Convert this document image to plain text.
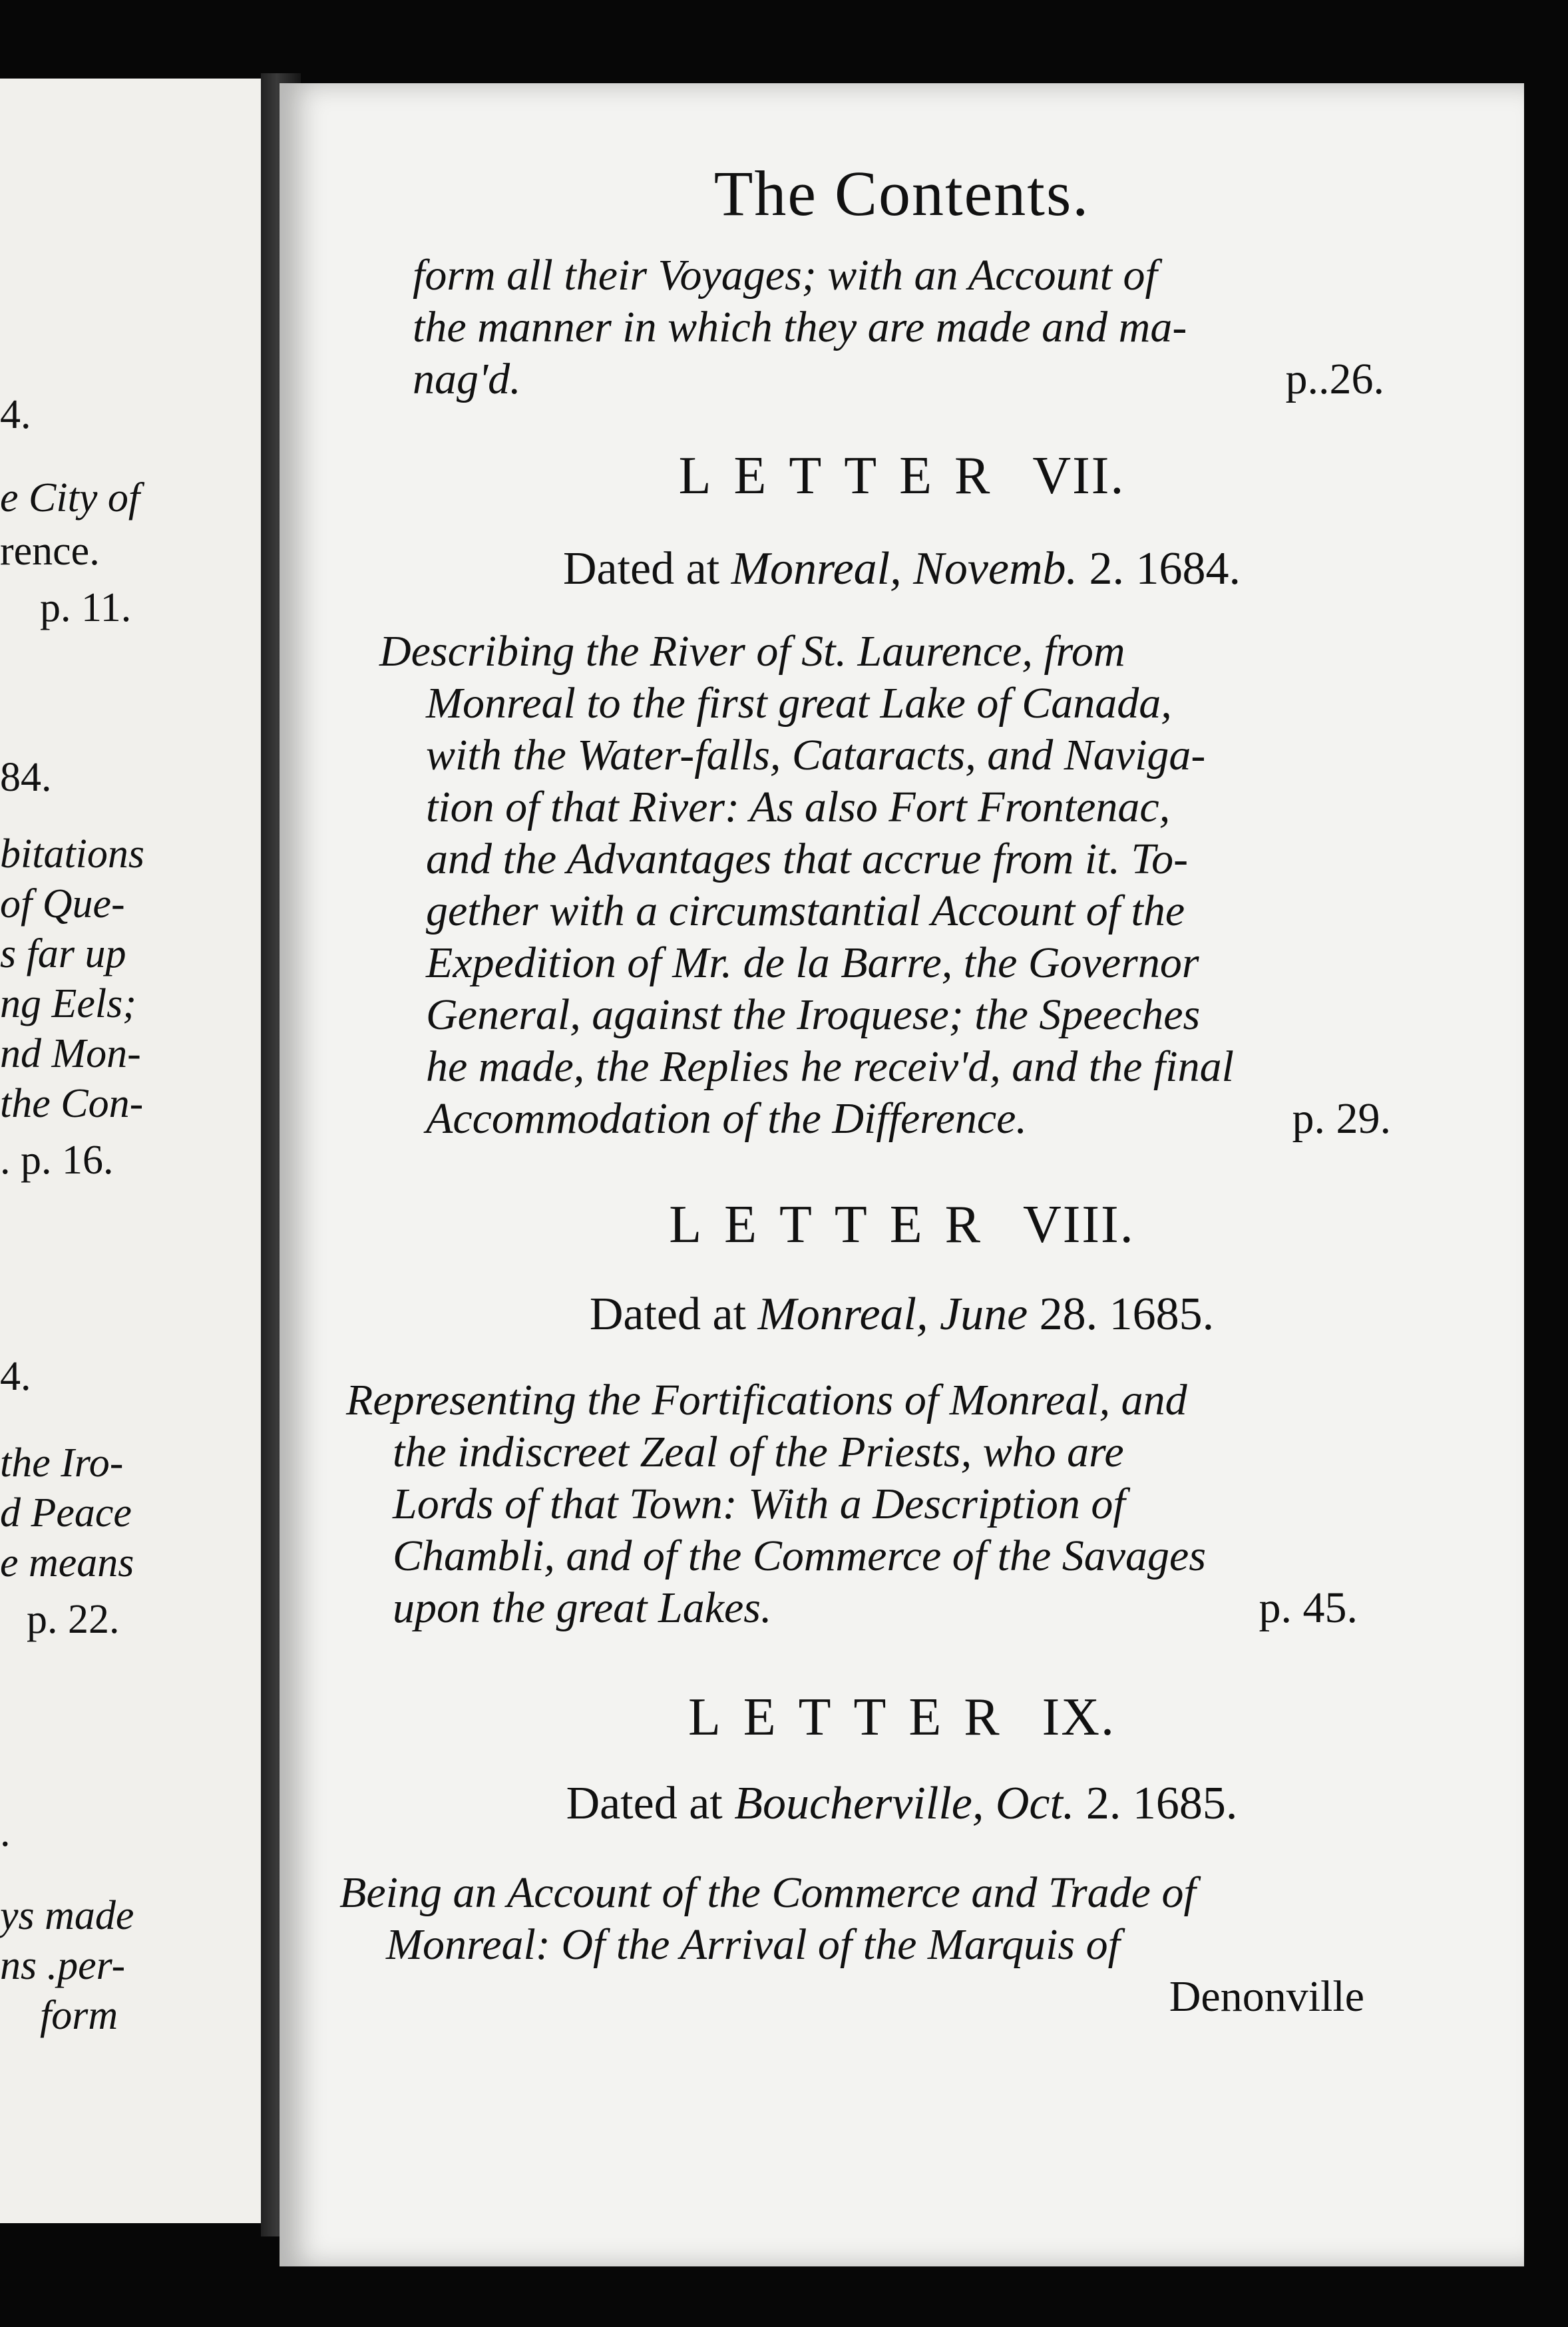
4.
e City of
rence.
p. 11.
84.
bitations
of Que-
s far up
ng Eels;
nd Mon-
the Con-
. p. 16.
4.
the Iro-
d Peace
e means
p. 22.
.
ys made
ns .per-
form
The Contents.
form all their Voyages; with an Account of
the manner in which they are made and ma-
nag'd.	p..26.
LETTER VII.
Dated at Monreal, Novemb. 2. 1684.
Describing the River of St. Laurence, from
Monreal to the first great Lake of Canada,
with the Water-falls, Cataracts, and Naviga-
tion of that River: As also Fort Frontenac,
and the Advantages that accrue from it. To-
gether with a circumstantial Account of the
Expedition of Mr. de la Barre, the Governor
General, against the Iroquese; the Speeches
he made, the Replies he receiv'd, and the final
Accommodation of the Difference.	p. 29.
LETTER VIII.
Dated at Monreal, June 28. 1685.
Representing the Fortifications of Monreal, and
the indiscreet Zeal of the Priests, who are
Lords of that Town: With a Description of
Chambli, and of the Commerce of the Savages
upon the great Lakes.	p. 45.
LETTER IX.
Dated at Boucherville, Oct. 2. 1685.
Being an Account of the Commerce and Trade of
Monreal: Of the Arrival of the Marquis of
Denonville
